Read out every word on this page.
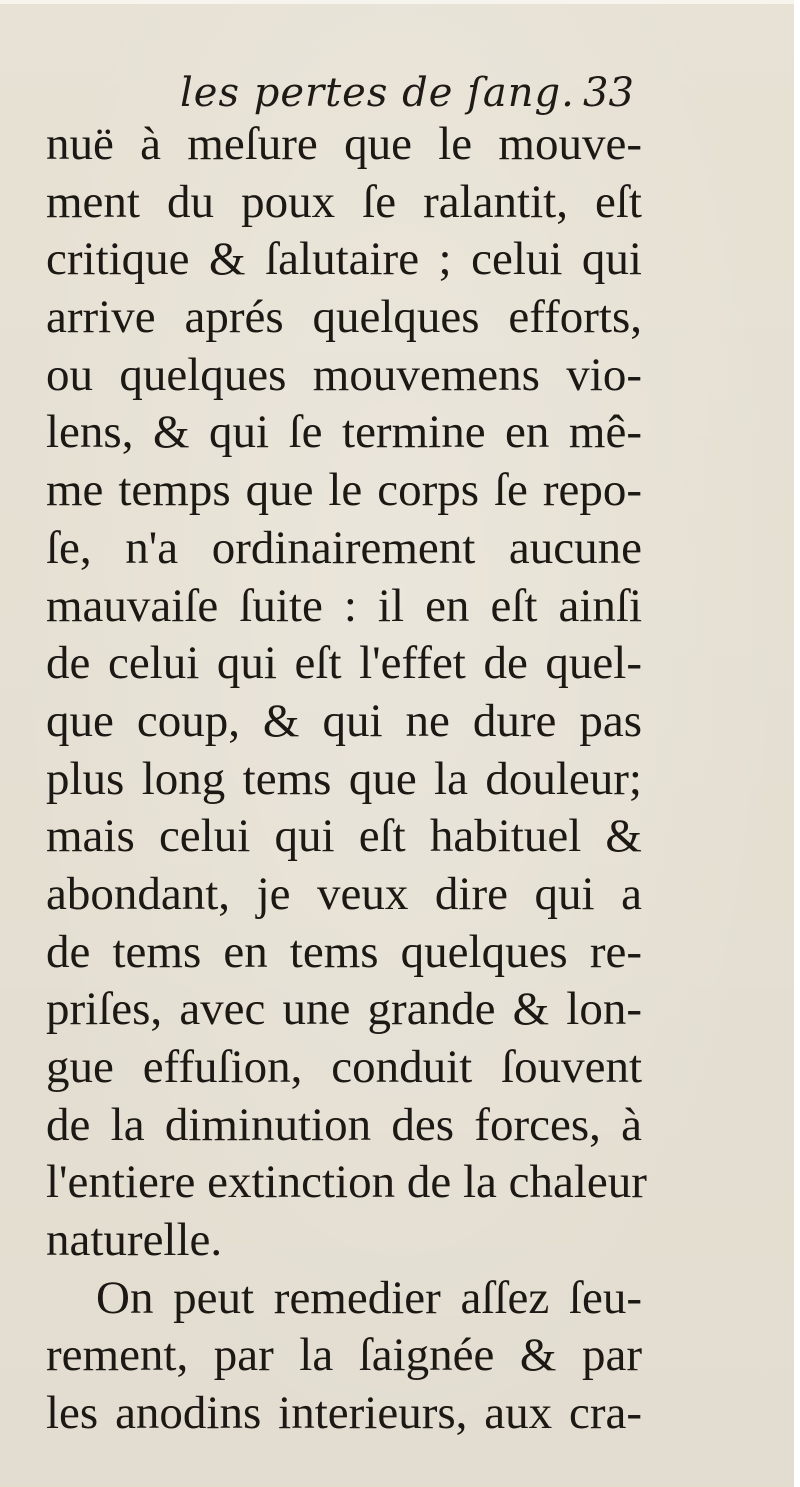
les pertes de ſang. 33
nuë à meſure que le mouve-
ment du poux ſe ralantit, eſt
critique & ſalutaire ; celui qui
arrive aprés quelques efforts,
ou quelques mouvemens vio-
lens, & qui ſe termine en mê-
me temps que le corps ſe repo-
ſe, n'a ordinairement aucune
mauvaiſe ſuite : il en eſt ainſi
de celui qui eſt l'effet de quel-
que coup, & qui ne dure pas
plus long tems que la douleur;
mais celui qui eſt habituel &
abondant, je veux dire qui a
de tems en tems quelques re-
priſes, avec une grande & lon-
gue effuſion, conduit ſouvent
de la diminution des forces, à
l'entiere extinction de la chaleur
naturelle.
On peut remedier aſſez ſeu-
rement, par la ſaignée & par
les anodins interieurs, aux cra-
